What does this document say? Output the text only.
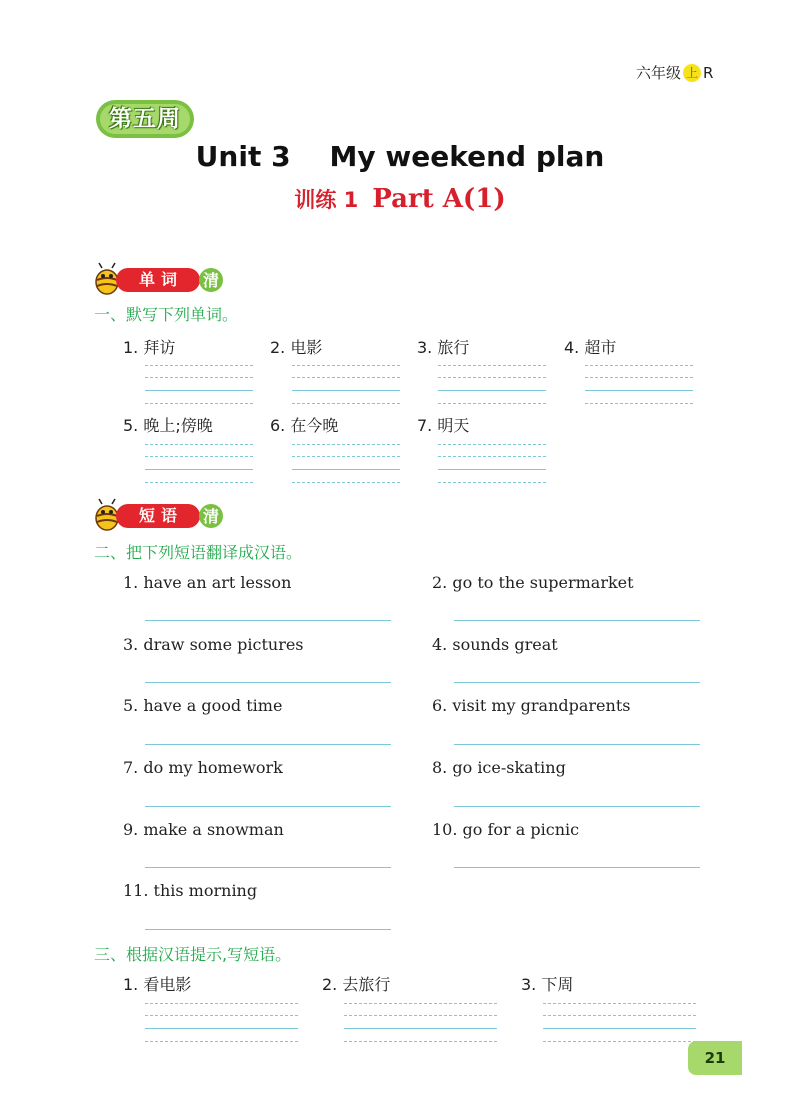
六年级 上 R
第五周
Unit 3    My weekend plan
训练 1 Part A(1)
单词	清
一、默写下列单词。
1. 拜访	2. 电影	3. 旅行	4. 超市
5. 晚上;傍晚	6. 在今晚	7. 明天
短语	清
二、把下列短语翻译成汉语。
1. have an art lesson	2. go to the supermarket
3. draw some pictures	4. sounds great
5. have a good time	6. visit my grandparents
7. do my homework	8. go ice-skating
9. make a snowman	10. go for a picnic
11. this morning
三、根据汉语提示,写短语。
1. 看电影	2. 去旅行	3. 下周
21
